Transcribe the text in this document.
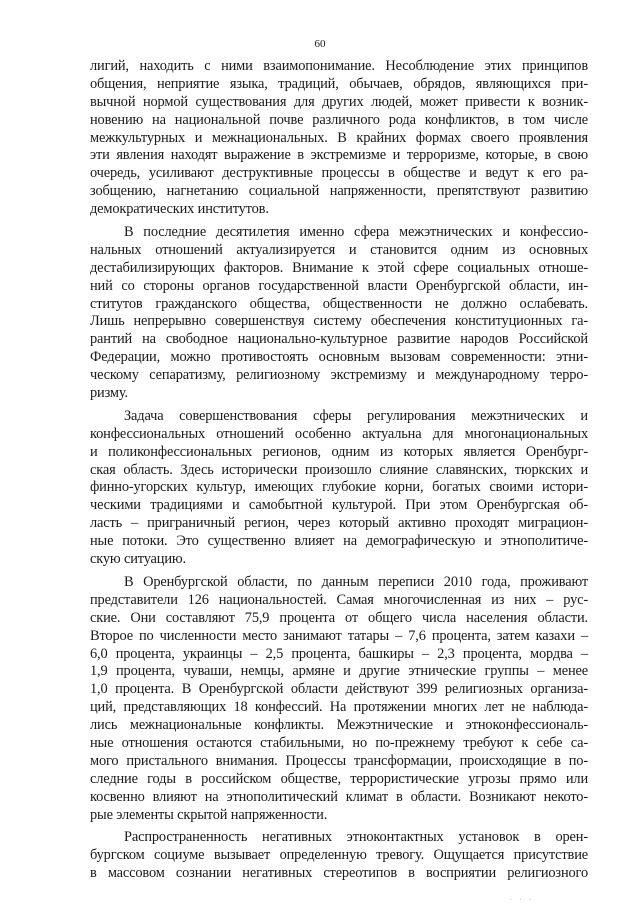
60
лигий, находить с ними взаимопонимание. Несоблюдение этих принципов
общения, неприятие языка, традиций, обычаев, обрядов, являющихся при-
вычной нормой существования для других людей, может привести к возник-
новению на национальной почве различного рода конфликтов, в том числе
межкультурных и межнациональных. В крайних формах своего проявления
эти явления находят выражение в экстремизме и терроризме, которые, в свою
очередь, усиливают деструктивные процессы в обществе и ведут к его ра-
зобщению, нагнетанию социальной напряженности, препятствуют развитию
демократических институтов.
В последние десятилетия именно сфера межэтнических и конфессио-
нальных отношений актуализируется и становится одним из основных
дестабилизирующих факторов. Внимание к этой сфере социальных отноше-
ний со стороны органов государственной власти Оренбургской области, ин-
ститутов гражданского общества, общественности не должно ослабевать.
Лишь непрерывно совершенствуя систему обеспечения конституционных га-
рантий на свободное национально-культурное развитие народов Российской
Федерации, можно противостоять основным вызовам современности: этни-
ческому сепаратизму, религиозному экстремизму и международному терро-
ризму.
Задача совершенствования сферы регулирования межэтнических и
конфессиональных отношений особенно актуальна для многонациональных
и поликонфессиональных регионов, одним из которых является Оренбург-
ская область. Здесь исторически произошло слияние славянских, тюркских и
финно-угорских культур, имеющих глубокие корни, богатых своими истори-
ческими традициями и самобытной культурой. При этом Оренбургская об-
ласть – приграничный регион, через который активно проходят миграцион-
ные потоки. Это существенно влияет на демографическую и этнополитиче-
скую ситуацию.
В Оренбургской области, по данным переписи 2010 года, проживают
представители 126 национальностей. Самая многочисленная из них – рус-
ские. Они составляют 75,9 процента от общего числа населения области.
Второе по численности место занимают татары – 7,6 процента, затем казахи –
6,0 процента, украинцы – 2,5 процента, башкиры – 2,3 процента, мордва –
1,9 процента, чуваши, немцы, армяне и другие этнические группы – менее
1,0 процента. В Оренбургской области действуют 399 религиозных организа-
ций, представляющих 18 конфессий. На протяжении многих лет не наблюда-
лись межнациональные конфликты. Межэтнические и этноконфессиональ-
ные отношения остаются стабильными, но по-прежнему требуют к себе са-
мого пристального внимания. Процессы трансформации, происходящие в по-
следние годы в российском обществе, террористические угрозы прямо или
косвенно влияют на этнополитический климат в области. Возникают некото-
рые элементы скрытой напряженности.
Распространенность негативных этноконтактных установок в орен-
бургском социуме вызывает определенную тревогу. Ощущается присутствие
в массовом сознании негативных стереотипов в восприятии религиозного
· · ·
